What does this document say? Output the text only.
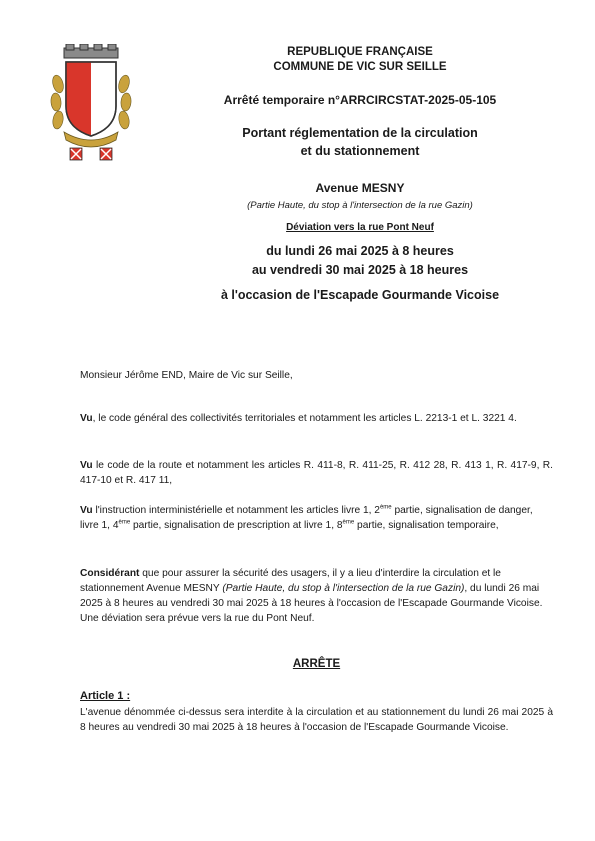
REPUBLIQUE FRANÇAISE
COMMUNE DE VIC SUR SEILLE
Arrêté temporaire n°ARRCIRCSTAT-2025-05-105
Portant réglementation de la circulation
et du stationnement
Avenue MESNY
(Partie Haute, du stop à l'intersection de la rue Gazin)
Déviation vers la rue Pont Neuf
du lundi 26 mai 2025 à 8 heures
au vendredi 30 mai 2025 à 18 heures
à l'occasion de l'Escapade Gourmande Vicoise
Monsieur Jérôme END, Maire de Vic sur Seille,
Vu, le code général des collectivités territoriales et notamment les articles L. 2213-1 et L. 3221 4.
Vu le code de la route et notamment les articles R. 411-8, R. 411-25, R. 412 28, R. 413 1, R. 417-9, R. 417-10 et R. 417 11,
Vu l'instruction interministérielle et notamment les articles livre 1, 2ème partie, signalisation de danger, livre 1, 4ème partie, signalisation de prescription at livre 1, 8ème partie, signalisation temporaire,
Considérant que pour assurer la sécurité des usagers, il y a lieu d'interdire la circulation et le stationnement Avenue MESNY (Partie Haute, du stop à l'intersection de la rue Gazin), du lundi 26 mai 2025 à 8 heures au vendredi 30 mai 2025 à 18 heures à l'occasion de l'Escapade Gourmande Vicoise. Une déviation sera prévue vers la rue du Pont Neuf.
ARRÊTE
Article 1 :
L'avenue dénommée ci-dessus sera interdite à la circulation et au stationnement du lundi 26 mai 2025 à 8 heures au vendredi 30 mai 2025 à 18 heures à l'occasion de l'Escapade Gourmande Vicoise.
